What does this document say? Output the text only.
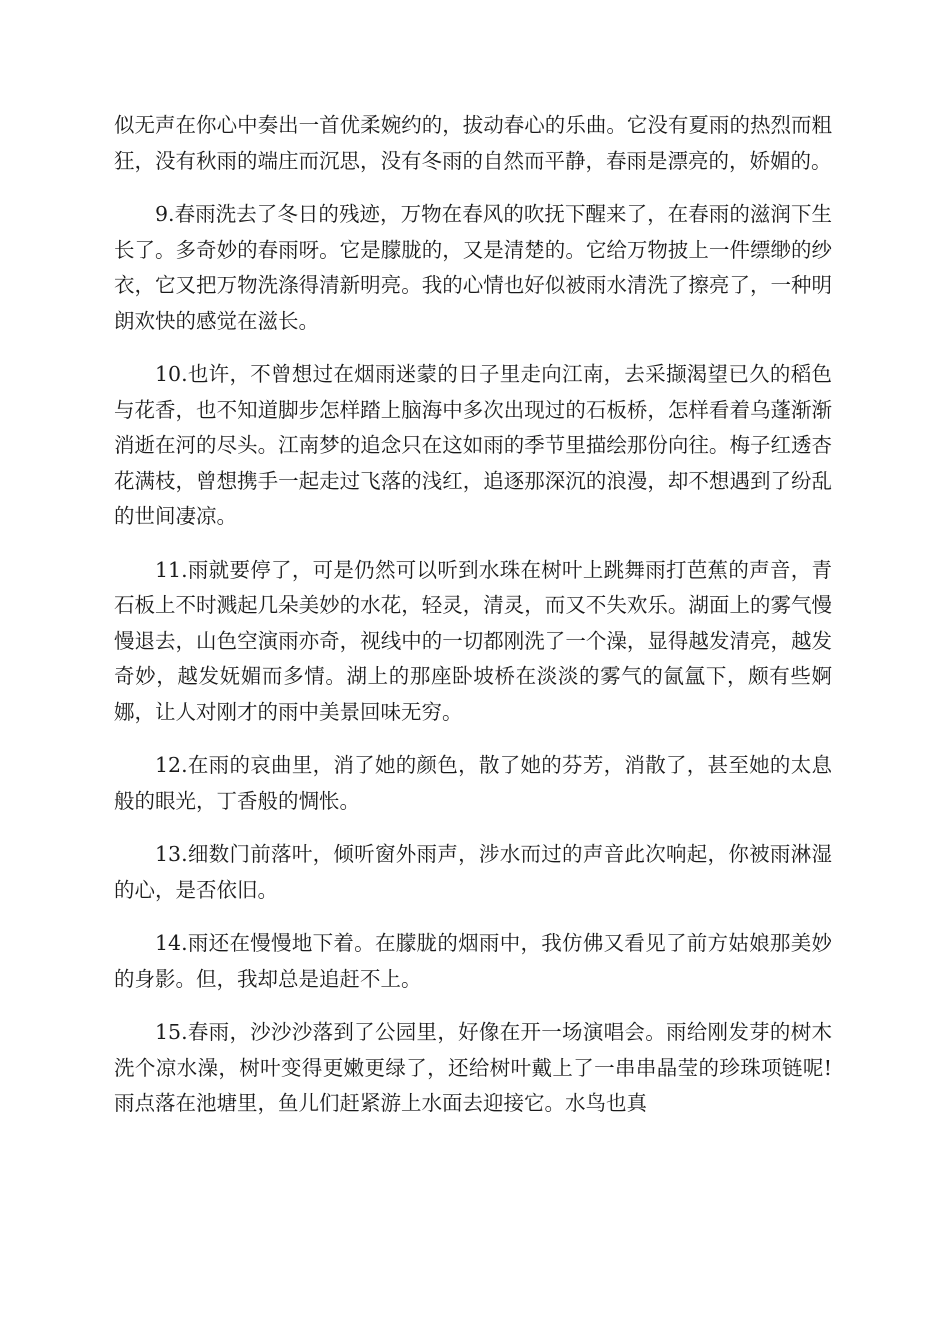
似无声在你心中奏出一首优柔婉约的，拔动春心的乐曲。它没有夏雨的热烈而粗狂，没有秋雨的端庄而沉思，没有冬雨的自然而平静，春雨是漂亮的，娇媚的。

9.春雨洗去了冬日的残迹，万物在春风的吹抚下醒来了，在春雨的滋润下生长了。多奇妙的春雨呀。它是朦胧的，又是清楚的。它给万物披上一件缥缈的纱衣，它又把万物洗涤得清新明亮。我的心情也好似被雨水清洗了擦亮了，一种明朗欢快的感觉在滋长。

10.也许，不曾想过在烟雨迷蒙的日子里走向江南，去采撷渴望已久的稻色与花香，也不知道脚步怎样踏上脑海中多次出现过的石板桥，怎样看着乌蓬渐渐消逝在河的尽头。江南梦的追念只在这如雨的季节里描绘那份向往。梅子红透杏花满枝，曾想携手一起走过飞落的浅红，追逐那深沉的浪漫，却不想遇到了纷乱的世间凄凉。

11.雨就要停了，可是仍然可以听到水珠在树叶上跳舞雨打芭蕉的声音，青石板上不时溅起几朵美妙的水花，轻灵，清灵，而又不失欢乐。湖面上的雾气慢慢退去，山色空演雨亦奇，视线中的一切都刚洗了一个澡，显得越发清亮，越发奇妙，越发妩媚而多情。湖上的那座卧坡桥在淡淡的雾气的氤氲下，颇有些婀娜，让人对刚才的雨中美景回味无穷。

12.在雨的哀曲里，消了她的颜色，散了她的芬芳，消散了，甚至她的太息般的眼光，丁香般的惆怅。

13.细数门前落叶，倾听窗外雨声，涉水而过的声音此次响起，你被雨淋湿的心，是否依旧。

14.雨还在慢慢地下着。在朦胧的烟雨中，我仿佛又看见了前方姑娘那美妙的身影。但，我却总是追赶不上。

15.春雨，沙沙沙落到了公园里，好像在开一场演唱会。雨给刚发芽的树木洗个凉水澡，树叶变得更嫩更绿了，还给树叶戴上了一串串晶莹的珍珠项链呢!雨点落在池塘里，鱼儿们赶紧游上水面去迎接它。水鸟也真
